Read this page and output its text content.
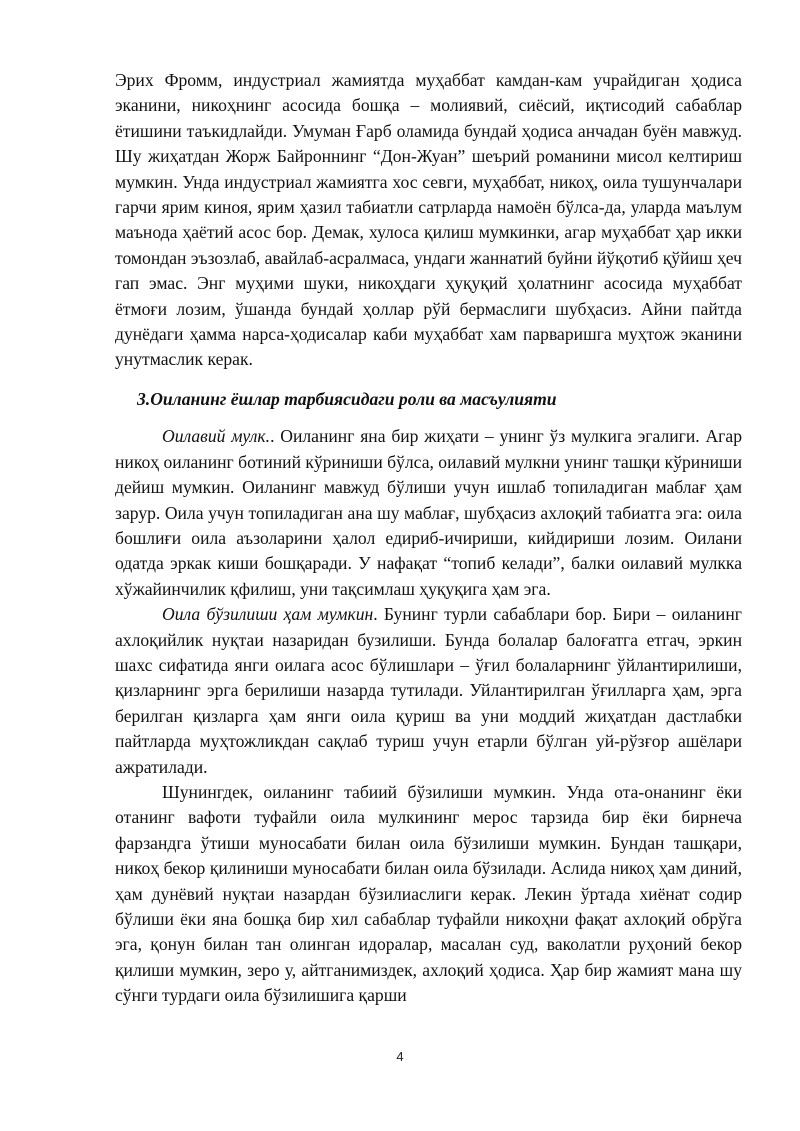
Эрих Фромм, индустриал жамиятда муҳаббат камдан-кам учрайдиган ҳодиса эканини, никоҳнинг асосида бошқа – молиявий, сиёсий, иқтисодий сабаблар ётишини таъкидлайди. Умуман Ғарб оламида бундай ҳодиса анчадан буён мавжуд. Шу жиҳатдан Жорж Байроннинг “Дон-Жуан” шеърий романини мисол келтириш мумкин. Унда индустриал жамиятга хос севги, муҳаббат, никоҳ, оила тушунчалари гарчи ярим киноя, ярим ҳазил табиатли сатрларда намоён бўлса-да, уларда маълум маънода ҳаётий асос бор. Демак, хулоса қилиш мумкинки, агар муҳаббат ҳар икки томондан эъзозлаб, авайлаб-асралмаса, ундаги жаннатий буйни йўқотиб қўйиш ҳеч гап эмас. Энг муҳими шуки, никоҳдаги ҳуқуқий ҳолатнинг асосида муҳаббат ётмоғи лозим, ўшанда бундай ҳоллар рўй бермаслиги шубҳасиз. Айни пайтда дунёдаги ҳамма нарса-ҳодисалар каби муҳаббат хам парваришга муҳтож эканини унутмаслик керак.

3.Оиланинг ёшлар тарбиясидаги роли ва масъулияти

Оилавий мулк.. Оиланинг яна бир жиҳати – унинг ўз мулкига эгалиги. Агар никоҳ оиланинг ботиний кўриниши бўлса, оилавий мулкни унинг ташқи кўриниши дейиш мумкин. Оиланинг мавжуд бўлиши учун ишлаб топиладиган маблағ ҳам зарур. Оила учун топиладиган ана шу маблағ, шубҳасиз ахлоқий табиатга эга: оила бошлиғи оила аъзоларини ҳалол едириб-ичириши, кийдириши лозим. Оилани одатда эркак киши бошқаради. У нафақат “топиб келади”, балки оилавий мулкка хўжайинчилик қфилиш, уни тақсимлаш ҳуқуқига ҳам эга.

Оила бўзилиши ҳам мумкин. Бунинг турли сабаблари бор. Бири – оиланинг ахлоқийлик нуқтаи назаридан бузилиши. Бунда болалар балоғатга етгач, эркин шахс сифатида янги оилага асос бўлишлари – ўғил болаларнинг ўйлантирилиши, қизларнинг эрга берилиши назарда тутилади. Уйлантирилган ўғилларга ҳам, эрга берилган қизларга ҳам янги оила қуриш ва уни моддий жиҳатдан дастлабки пайтларда муҳтожликдан сақлаб туриш учун етарли бўлган уй-рўзғор ашёлари ажратилади.

Шунингдек, оиланинг табиий бўзилиши мумкин. Унда ота-онанинг ёки отанинг вафоти туфайли оила мулкининг мерос тарзида бир ёки бирнеча фарзандга ўтиши муносабати билан оила бўзилиши мумкин. Бундан ташқари, никоҳ бекор қилиниши муносабати билан оила бўзилади. Аслида никоҳ ҳам диний, ҳам дунёвий нуқтаи назардан бўзилиаслиги керак. Лекин ўртада хиёнат содир бўлиши ёки яна бошқа бир хил сабаблар туфайли никоҳни фақат ахлоқий обрўга эга, қонун билан тан олинган идоралар, масалан суд, ваколатли руҳоний бекор қилиши мумкин, зеро у, айтганимиздек, ахлоқий ҳодиса. Ҳар бир жамият мана шу сўнги турдаги оила бўзилишига қарши

4
